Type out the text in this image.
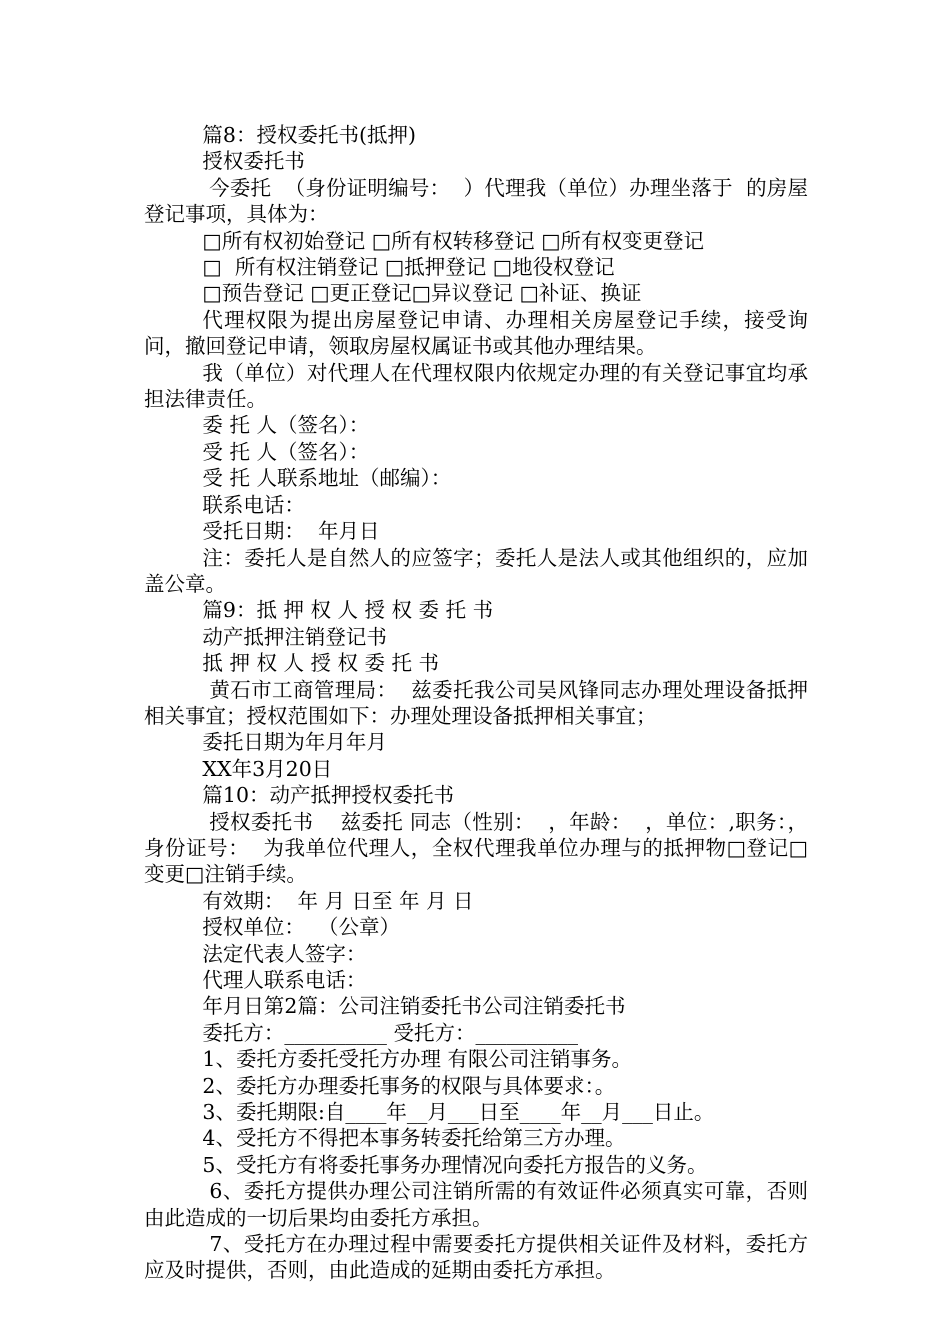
篇8：授权委托书(抵押)

授权委托书

今委托  （身份证明编号：  ）代理我（单位）办理坐落于  的房屋登记事项，具体为：

□所有权初始登记 □所有权转移登记 □所有权变更登记

□  所有权注销登记 □抵押登记 □地役权登记

□预告登记 □更正登记□异议登记 □补证、换证

代理权限为提出房屋登记申请、办理相关房屋登记手续，接受询问，撤回登记申请，领取房屋权属证书或其他办理结果。

我（单位）对代理人在代理权限内依规定办理的有关登记事宜均承担法律责任。

委 托 人（签名）：

受 托 人（签名）：

受 托 人联系地址（邮编）：

联系电话：

受托日期：  年月日

注：委托人是自然人的应签字；委托人是法人或其他组织的，应加盖公章。

篇9：抵 押 权 人 授 权 委 托 书

动产抵押注销登记书

抵 押 权 人 授 权 委 托 书

黄石市工商管理局：  兹委托我公司吴风锋同志办理处理设备抵押相关事宜；授权范围如下：办理处理设备抵押相关事宜；

委托日期为年月年月

XX年3月20日

篇10：动产抵押授权委托书

授权委托书    兹委托 同志（性别：  ，年龄：  ，单位：,职务：，身份证号：  为我单位代理人，全权代理我单位办理与的抵押物□登记□变更□注销手续。

有效期：  年 月 日至 年 月 日

授权单位：  （公章）

法定代表人签字：

代理人联系电话：

年月日第2篇：公司注销委托书公司注销委托书

委托方：__________ 受托方：__________

1、委托方委托受托方办理 有限公司注销事务。

2、委托方办理委托事务的权限与具体要求：。

3、委托期限:自____年__月___日至____年__月___日止。

4、受托方不得把本事务转委托给第三方办理。

5、受托方有将委托事务办理情况向委托方报告的义务。

6、委托方提供办理公司注销所需的有效证件必须真实可靠，否则由此造成的一切后果均由委托方承担。

7、受托方在办理过程中需要委托方提供相关证件及材料，委托方应及时提供，否则，由此造成的延期由委托方承担。
